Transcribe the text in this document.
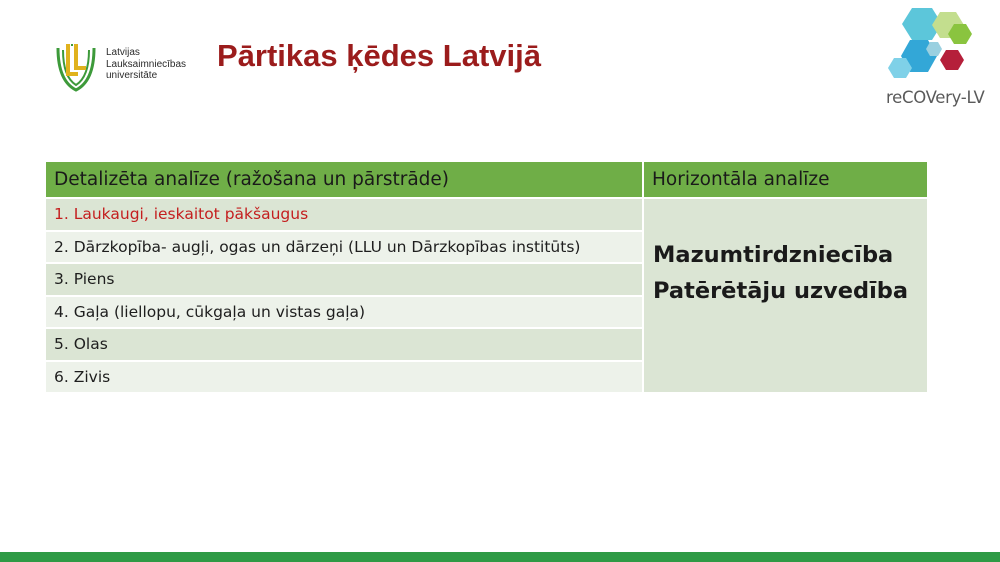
Latvijas
Lauksaimniecības
universitāte
Pārtikas ķēdes Latvijā
reCOVery-LV
Detalizēta analīze (ražošana un pārstrāde)	Horizontāla analīze
1. Laukaugi, ieskaitot pākšaugus	Mazumtirdzniecība
Patērētāju uzvedība

2. Dārzkopība- augļi, ogas un dārzeņi (LLU un Dārzkopības institūts)	
3. Piens	
4. Gaļa (liellopu, cūkgaļa un vistas gaļa)	
5. Olas	
6. Zivis	
